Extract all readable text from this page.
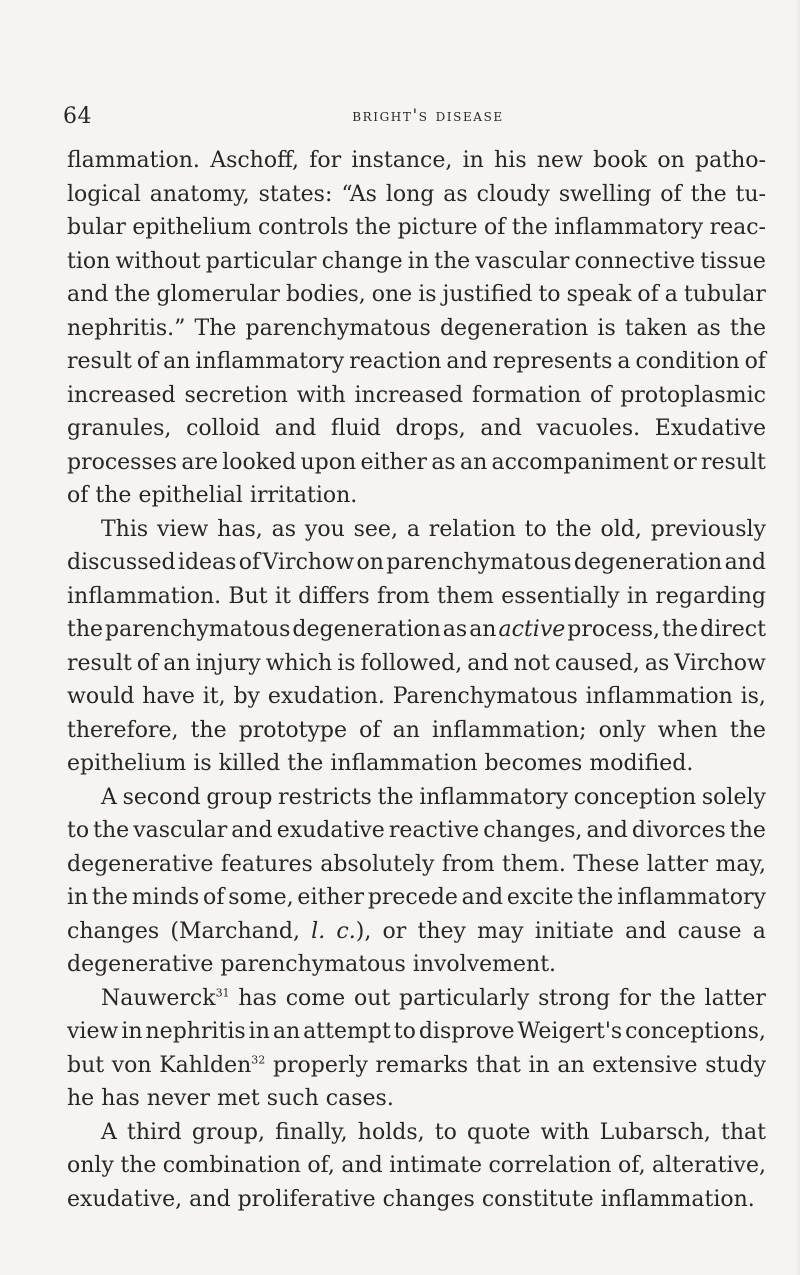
64	bright's disease
flammation. Aschoff, for instance, in his new book on patho-
logical anatomy, states: “As long as cloudy swelling of the tu-
bular epithelium controls the picture of the inflammatory reac-
tion without particular change in the vascular connective tissue
and the glomerular bodies, one is justified to speak of a tubular
nephritis.” The parenchymatous degeneration is taken as the
result of an inflammatory reaction and represents a condition of
increased secretion with increased formation of protoplasmic
granules, colloid and fluid drops, and vacuoles. Exudative
processes are looked upon either as an accompaniment or result
of the epithelial irritation.
This view has, as you see, a relation to the old, previously
discussed ideas of Virchow on parenchymatous degeneration and
inflammation. But it differs from them essentially in regarding
the parenchymatous degeneration as an active process, the direct
result of an injury which is followed, and not caused, as Virchow
would have it, by exudation. Parenchymatous inflammation is,
therefore, the prototype of an inflammation; only when the
epithelium is killed the inflammation becomes modified.
A second group restricts the inflammatory conception solely
to the vascular and exudative reactive changes, and divorces the
degenerative features absolutely from them. These latter may,
in the minds of some, either precede and excite the inflammatory
changes (Marchand, l. c.), or they may initiate and cause a
degenerative parenchymatous involvement.
Nauwerck$^{31}$ has come out particularly strong for the latter
view in nephritis in an attempt to disprove Weigert's conceptions,
but von Kahlden$^{32}$ properly remarks that in an extensive study
he has never met such cases.
A third group, finally, holds, to quote with Lubarsch, that
only the combination of, and intimate correlation of, alterative,
exudative, and proliferative changes constitute inflammation.
